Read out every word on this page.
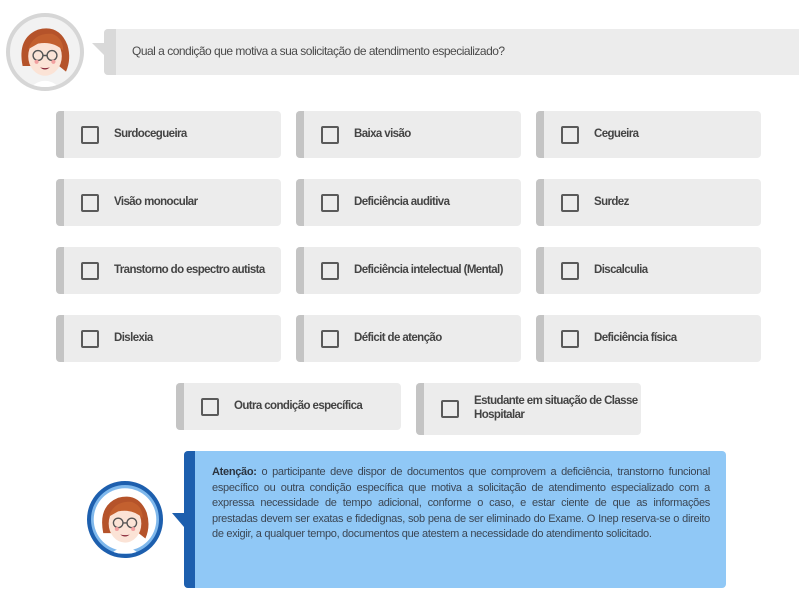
Qual a condição que motiva a sua solicitação de atendimento especializado?
Surdocegueira	Baixa visão	Cegueira
Visão monocular	Deficiência auditiva	Surdez
Transtorno do espectro autista	Deficiência intelectual (Mental)	Discalculia
Dislexia	Déficit de atenção	Deficiência física
Outra condição específica	Estudante em situação de Classe Hospitalar
Atenção: o participante deve dispor de documentos que comprovem a deficiência, transtorno funcional específico ou outra condição específica que motiva a solicitação de atendimento especializado com a expressa necessidade de tempo adicional, conforme o caso, e estar ciente de que as informações prestadas devem ser exatas e fidedignas, sob pena de ser eliminado do Exame. O Inep reserva-se o direito de exigir, a qualquer tempo, documentos que atestem a necessidade do atendimento solicitado.
